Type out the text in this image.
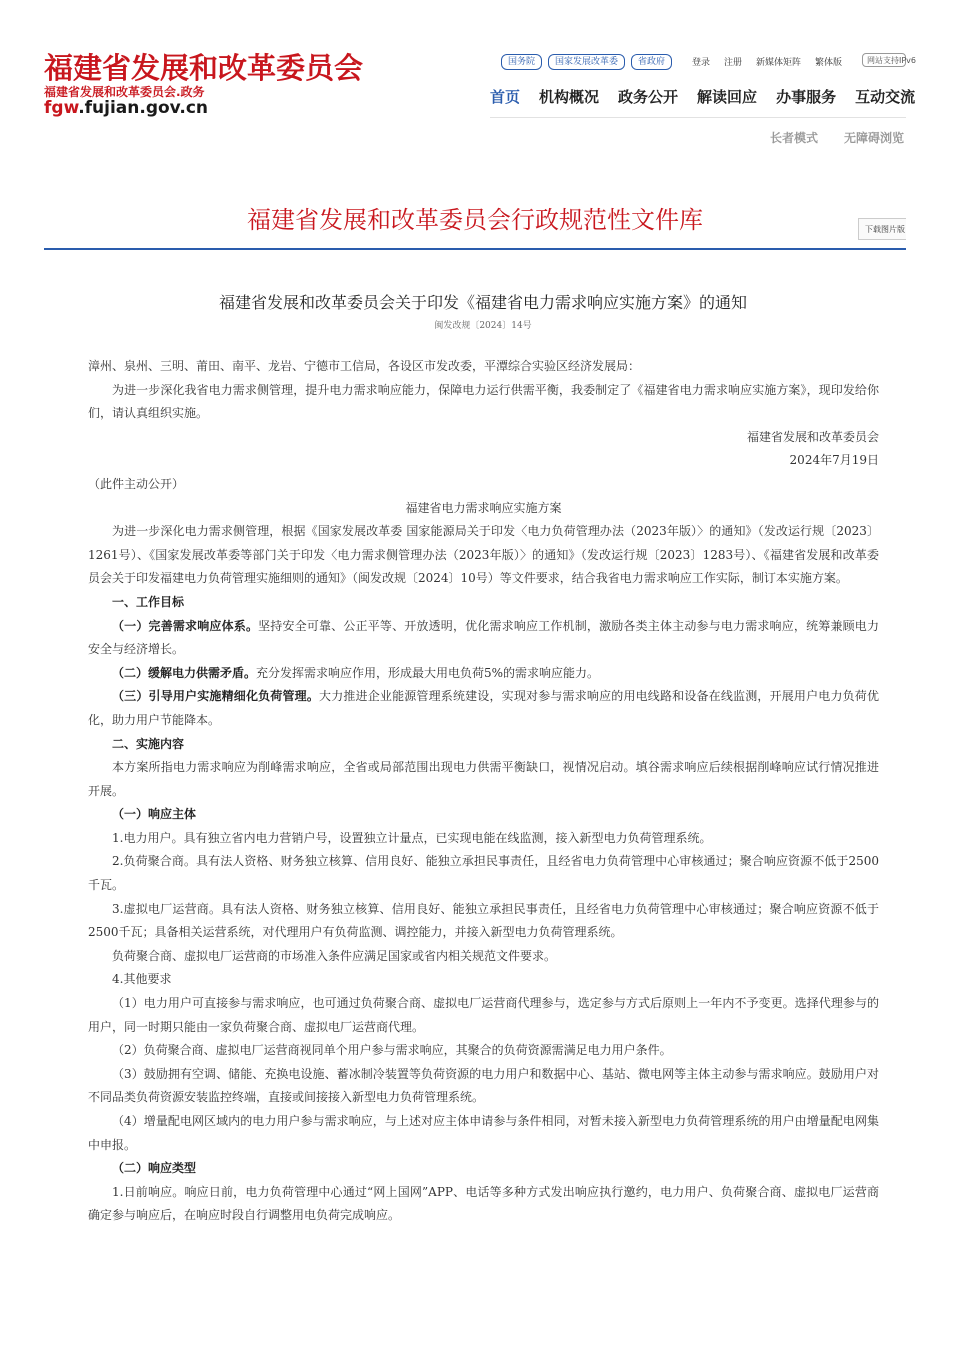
福建省发展和改革委员会
福建省发展和改革委员会.政务
fgw.fujian.gov.cn
国务院	国家发展改革委	省政府	登录 注册 新媒体矩阵 繁体版	网站支持IPv6
首页 机构概况 政务公开 解读回应 办事服务 互动交流
长者模式 无障碍浏览
福建省发展和改革委员会行政规范性文件库	下载图片版
福建省发展和改革委员会关于印发《福建省电力需求响应实施方案》的通知
闽发改规〔2024〕14号

漳州、泉州、三明、莆田、南平、龙岩、宁德市工信局，各设区市发改委，平潭综合实验区经济发展局：

为进一步深化我省电力需求侧管理，提升电力需求响应能力，保障电力运行供需平衡，我委制定了《福建省电力需求响应实施方案》，现印发给你们，请认真组织实施。

福建省发展和改革委员会

2024年7月19日

（此件主动公开）

福建省电力需求响应实施方案

为进一步深化电力需求侧管理，根据《国家发展改革委 国家能源局关于印发〈电力负荷管理办法（2023年版）〉的通知》（发改运行规〔2023〕1261号）、《国家发展改革委等部门关于印发〈电力需求侧管理办法（2023年版）〉的通知》（发改运行规〔2023〕1283号）、《福建省发展和改革委员会关于印发福建电力负荷管理实施细则的通知》（闽发改规〔2024〕10号）等文件要求，结合我省电力需求响应工作实际，制订本实施方案。

一、工作目标

（一）完善需求响应体系。坚持安全可靠、公正平等、开放透明，优化需求响应工作机制，激励各类主体主动参与电力需求响应，统筹兼顾电力安全与经济增长。

（二）缓解电力供需矛盾。充分发挥需求响应作用，形成最大用电负荷5%的需求响应能力。

（三）引导用户实施精细化负荷管理。大力推进企业能源管理系统建设，实现对参与需求响应的用电线路和设备在线监测，开展用户电力负荷优化，助力用户节能降本。

二、实施内容

本方案所指电力需求响应为削峰需求响应，全省或局部范围出现电力供需平衡缺口，视情况启动。填谷需求响应后续根据削峰响应试行情况推进开展。

（一）响应主体

1.电力用户。具有独立省内电力营销户号，设置独立计量点，已实现电能在线监测，接入新型电力负荷管理系统。

2.负荷聚合商。具有法人资格、财务独立核算、信用良好、能独立承担民事责任，且经省电力负荷管理中心审核通过；聚合响应资源不低于2500千瓦。

3.虚拟电厂运营商。具有法人资格、财务独立核算、信用良好、能独立承担民事责任，且经省电力负荷管理中心审核通过；聚合响应资源不低于2500千瓦；具备相关运营系统，对代理用户有负荷监测、调控能力，并接入新型电力负荷管理系统。

负荷聚合商、虚拟电厂运营商的市场准入条件应满足国家或省内相关规范文件要求。

4.其他要求

（1）电力用户可直接参与需求响应，也可通过负荷聚合商、虚拟电厂运营商代理参与，选定参与方式后原则上一年内不予变更。选择代理参与的用户，同一时期只能由一家负荷聚合商、虚拟电厂运营商代理。

（2）负荷聚合商、虚拟电厂运营商视同单个用户参与需求响应，其聚合的负荷资源需满足电力用户条件。

（3）鼓励拥有空调、储能、充换电设施、蓄冰制冷装置等负荷资源的电力用户和数据中心、基站、微电网等主体主动参与需求响应。鼓励用户对不同品类负荷资源安装监控终端，直接或间接接入新型电力负荷管理系统。

（4）增量配电网区域内的电力用户参与需求响应，与上述对应主体申请参与条件相同，对暂未接入新型电力负荷管理系统的用户由增量配电网集中申报。

（二）响应类型

1.日前响应。响应日前，电力负荷管理中心通过“网上国网”APP、电话等多种方式发出响应执行邀约，电力用户、负荷聚合商、虚拟电厂运营商确定参与响应后，在响应时段自行调整用电负荷完成响应。
